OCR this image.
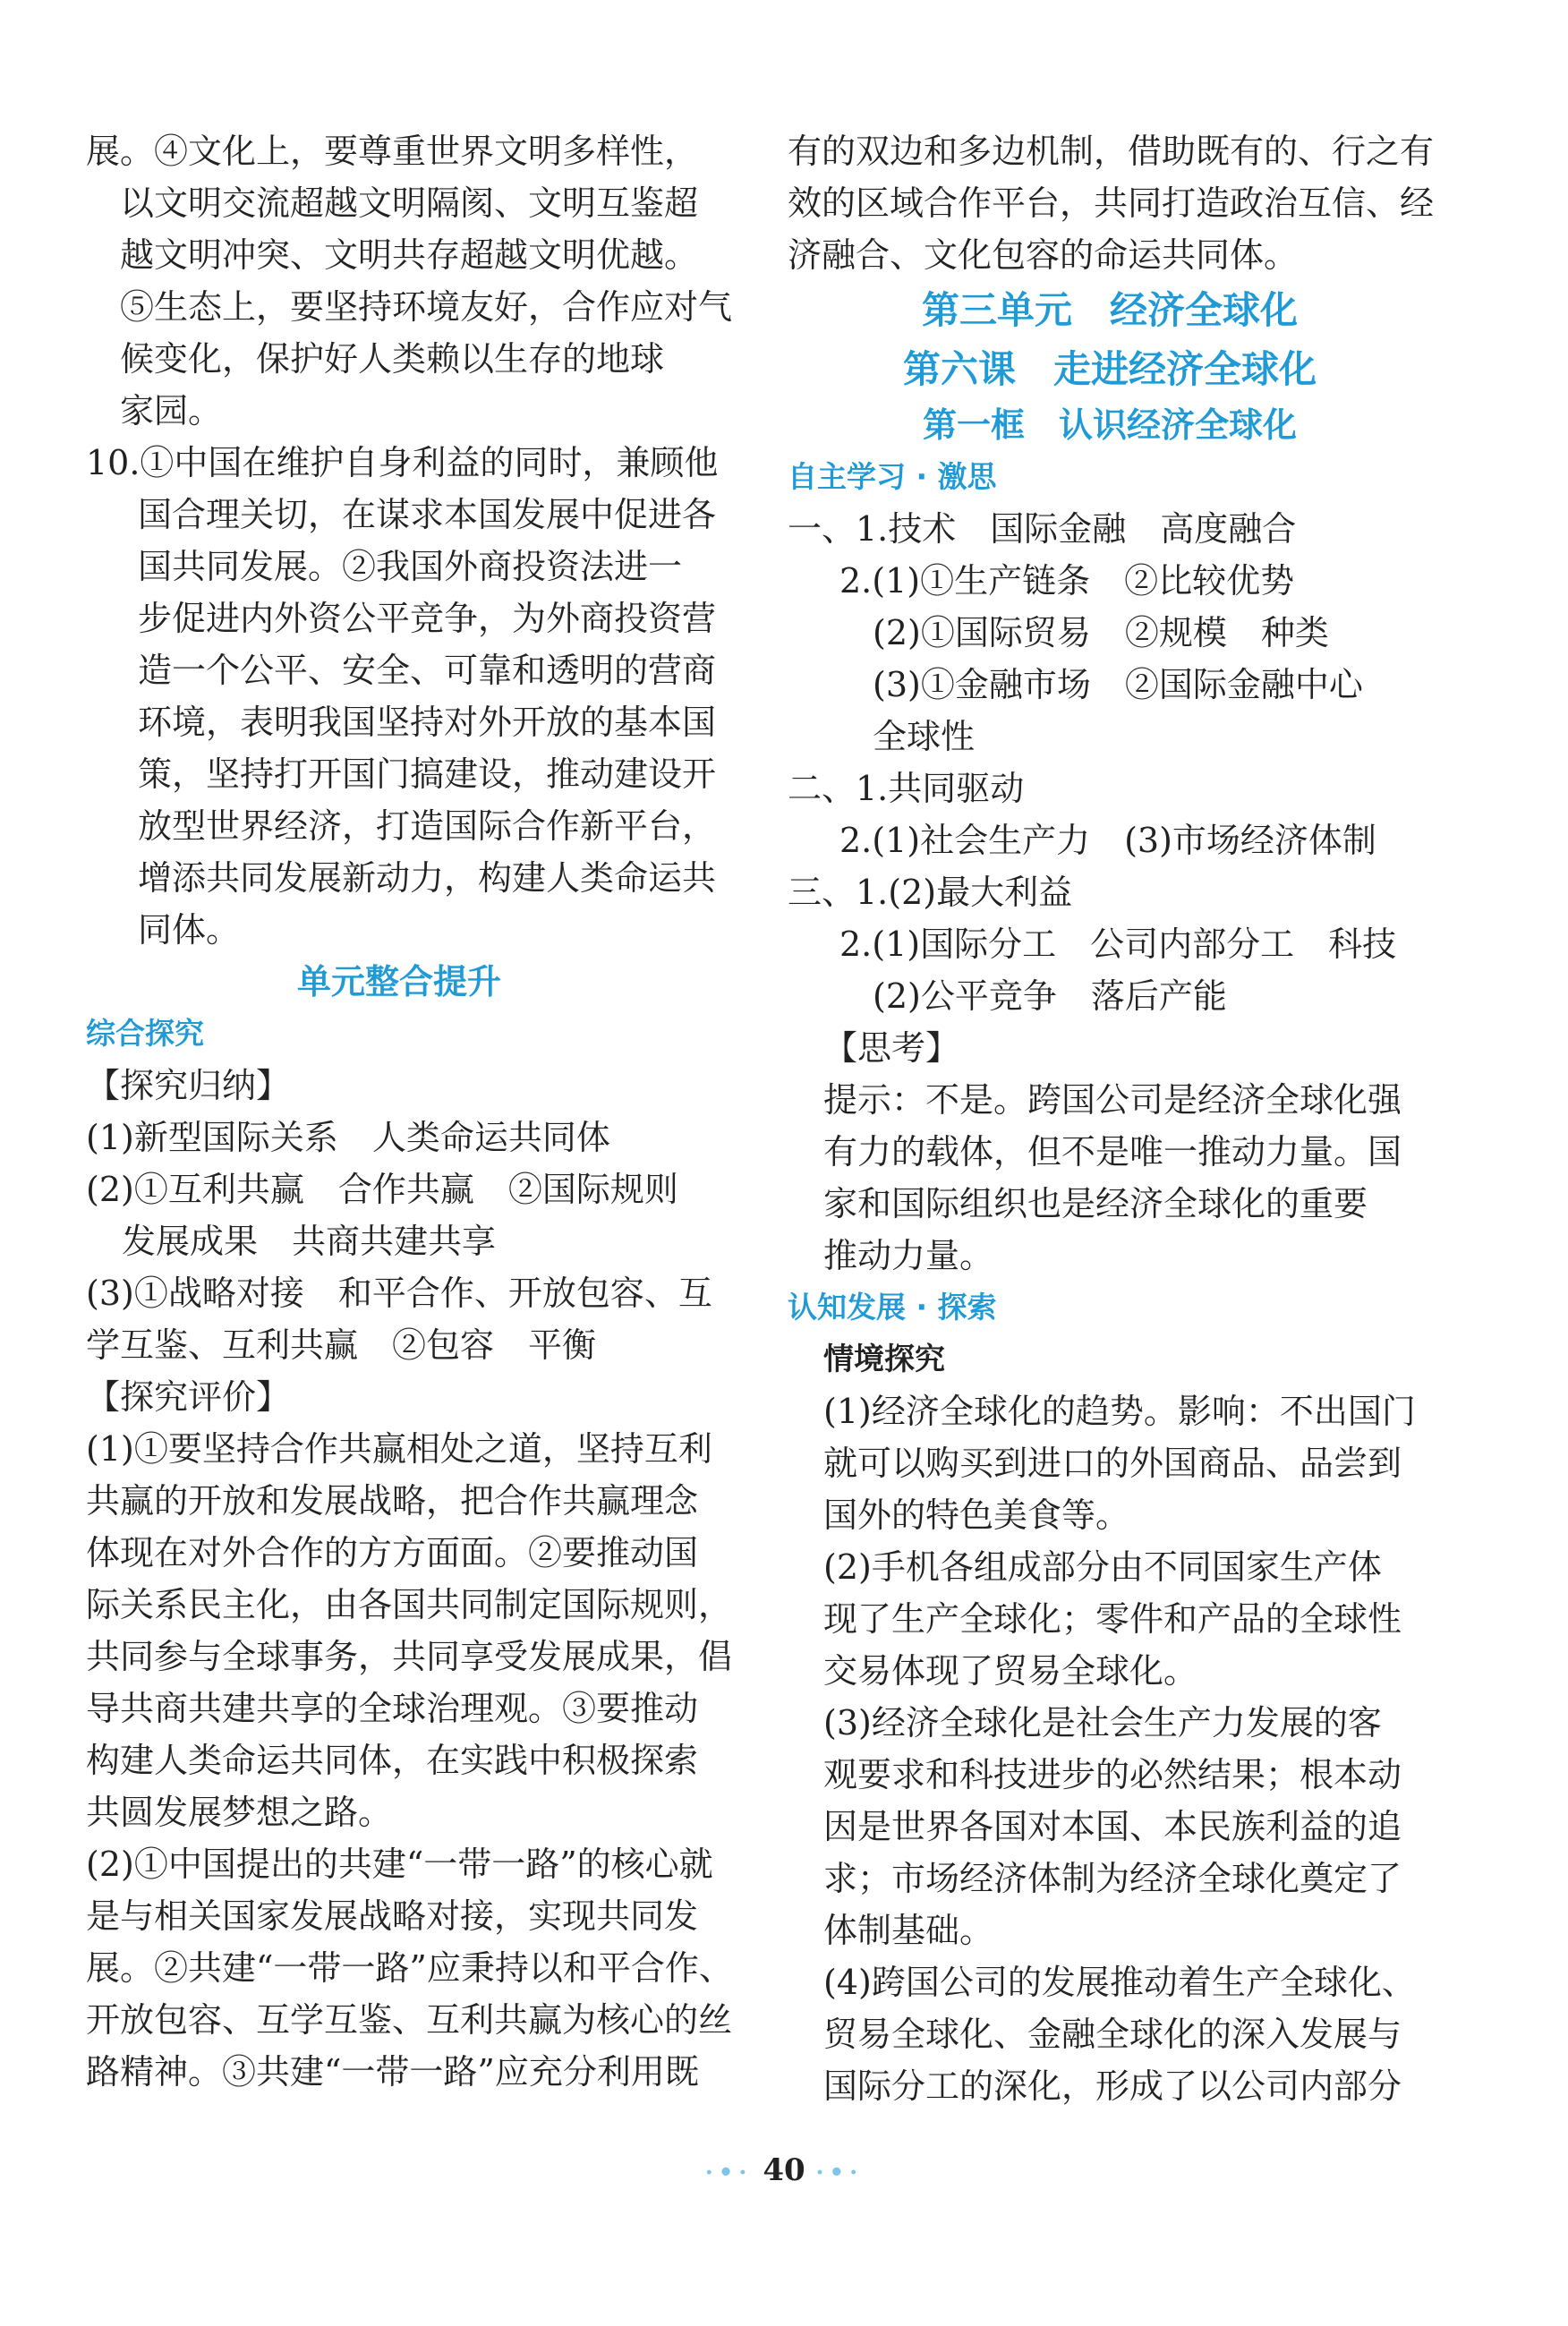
展。④文化上，要尊重世界文明多样性，
以文明交流超越文明隔阂、文明互鉴超
越文明冲突、文明共存超越文明优越。
⑤生态上，要坚持环境友好，合作应对气
候变化，保护好人类赖以生存的地球
家园。
10.①中国在维护自身利益的同时，兼顾他
国合理关切，在谋求本国发展中促进各
国共同发展。②我国外商投资法进一
步促进内外资公平竞争，为外商投资营
造一个公平、安全、可靠和透明的营商
环境，表明我国坚持对外开放的基本国
策，坚持打开国门搞建设，推动建设开
放型世界经济，打造国际合作新平台，
增添共同发展新动力，构建人类命运共
同体。
单元整合提升
综合探究
【探究归纳】
(1)新型国际关系　人类命运共同体
(2)①互利共赢　合作共赢　②国际规则
发展成果　共商共建共享
(3)①战略对接　和平合作、开放包容、互
学互鉴、互利共赢　②包容　平衡
【探究评价】
(1)①要坚持合作共赢相处之道，坚持互利
共赢的开放和发展战略，把合作共赢理念
体现在对外合作的方方面面。②要推动国
际关系民主化，由各国共同制定国际规则，
共同参与全球事务，共同享受发展成果，倡
导共商共建共享的全球治理观。③要推动
构建人类命运共同体，在实践中积极探索
共圆发展梦想之路。
(2)①中国提出的共建“一带一路”的核心就
是与相关国家发展战略对接，实现共同发
展。②共建“一带一路”应秉持以和平合作、
开放包容、互学互鉴、互利共赢为核心的丝
路精神。③共建“一带一路”应充分利用既
有的双边和多边机制，借助既有的、行之有
效的区域合作平台，共同打造政治互信、经
济融合、文化包容的命运共同体。
第三单元　经济全球化
第六课　走进经济全球化
第一框　认识经济全球化
自主学习 · 激思
一、1.技术　国际金融　高度融合
2.(1)①生产链条　②比较优势
(2)①国际贸易　②规模　种类
(3)①金融市场　②国际金融中心
全球性
二、1.共同驱动
2.(1)社会生产力　(3)市场经济体制
三、1.(2)最大利益
2.(1)国际分工　公司内部分工　科技
(2)公平竞争　落后产能
【思考】
提示：不是。跨国公司是经济全球化强
有力的载体，但不是唯一推动力量。国
家和国际组织也是经济全球化的重要
推动力量。
认知发展 · 探索
情境探究
(1)经济全球化的趋势。影响：不出国门
就可以购买到进口的外国商品、品尝到
国外的特色美食等。
(2)手机各组成部分由不同国家生产体
现了生产全球化；零件和产品的全球性
交易体现了贸易全球化。
(3)经济全球化是社会生产力发展的客
观要求和科技进步的必然结果；根本动
因是世界各国对本国、本民族利益的追
求；市场经济体制为经济全球化奠定了
体制基础。
(4)跨国公司的发展推动着生产全球化、
贸易全球化、金融全球化的深入发展与
国际分工的深化，形成了以公司内部分
·•· 40 ·•·
